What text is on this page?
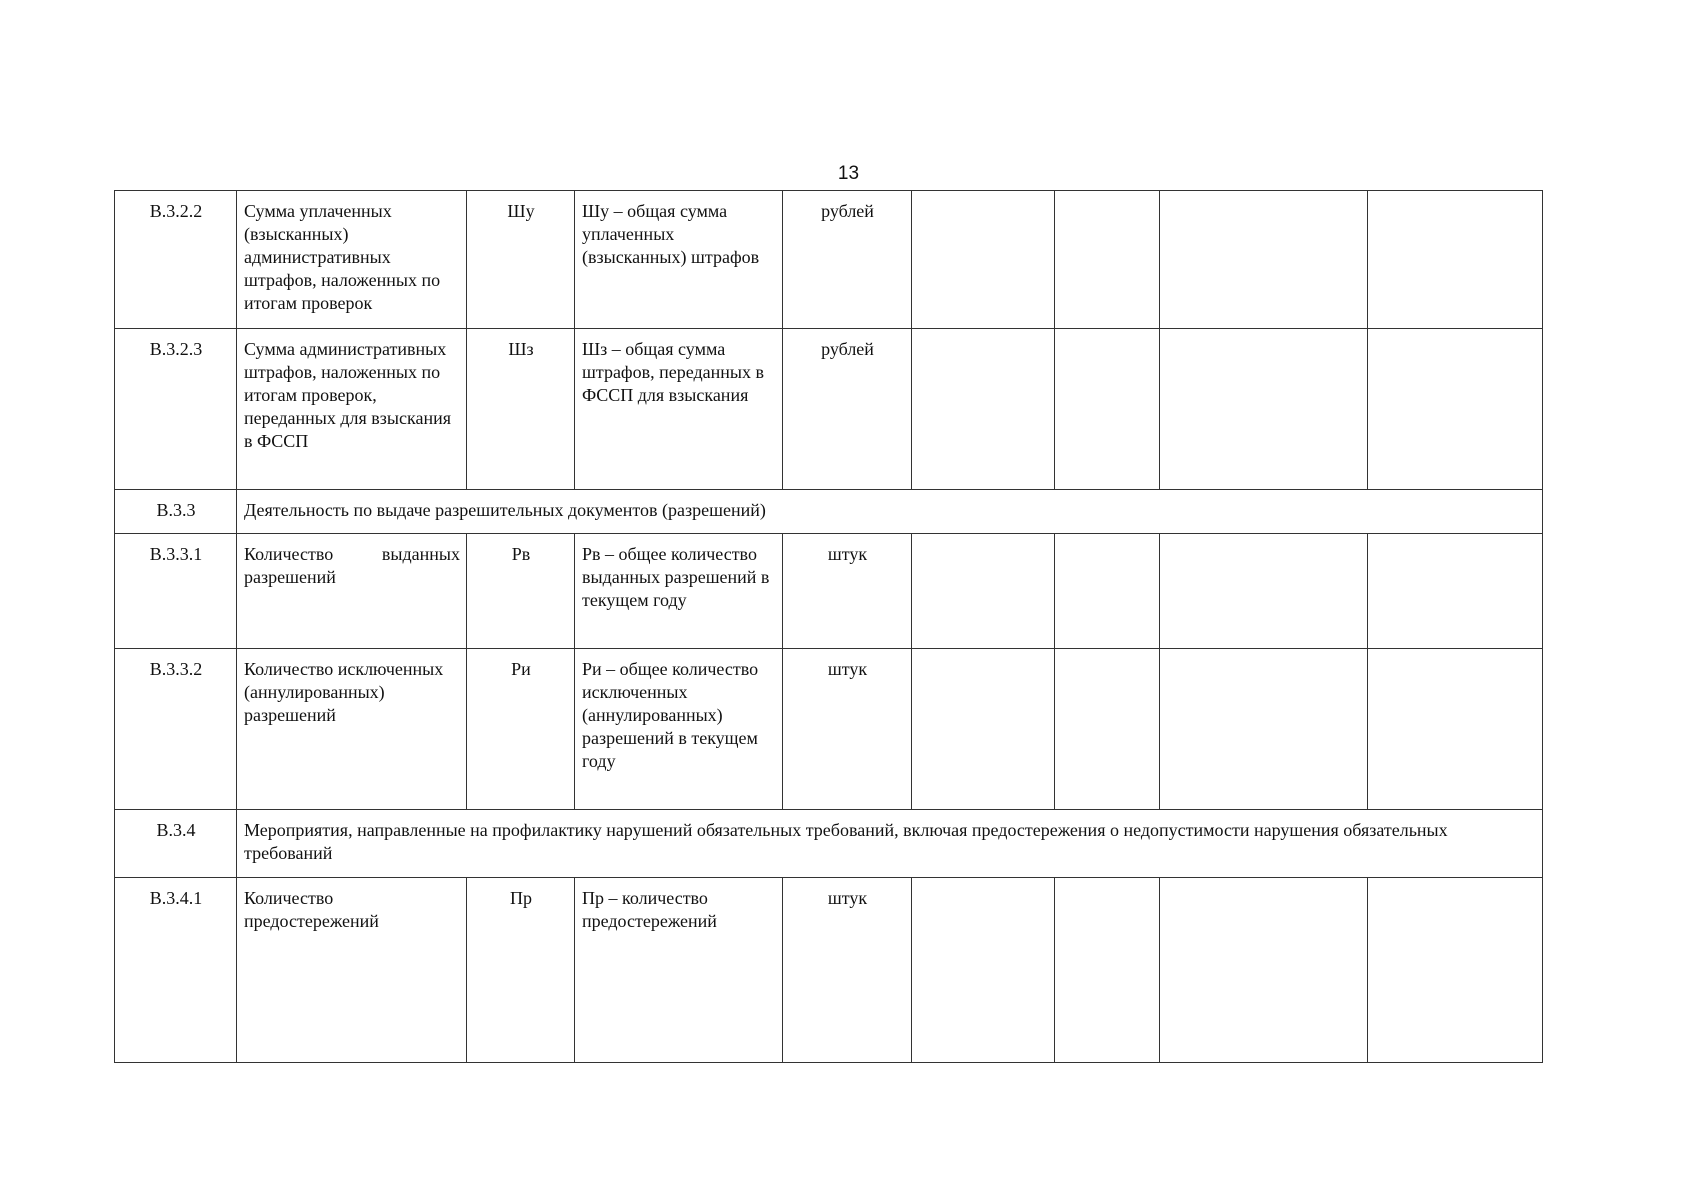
13
В.3.2.2	Сумма уплаченных (взысканных) административных штрафов, наложенных по итогам проверок	Шу	Шу – общая сумма уплаченных (взысканных) штрафов	рублей				
В.3.2.3	Сумма административных штрафов, наложенных по итогам проверок, переданных для взыскания в ФССП	Шз	Шз – общая сумма штрафов, переданных в ФССП для взыскания	рублей				
В.3.3	Деятельность по выдаче разрешительных документов (разрешений)							
В.3.3.1	Количество выданных разрешений	Рв	Рв – общее количество выданных разрешений в текущем году	штук				
В.3.3.2	Количество исключенных (аннулированных) разрешений	Ри	Ри – общее количество исключенных (аннулированных) разрешений в текущем году	штук				
В.3.4	Мероприятия, направленные на профилактику нарушений обязательных требований, включая предостережения о недопустимости нарушения обязательных требований							
В.3.4.1	Количество предостережений	Пр	Пр – количество предостережений	штук				
